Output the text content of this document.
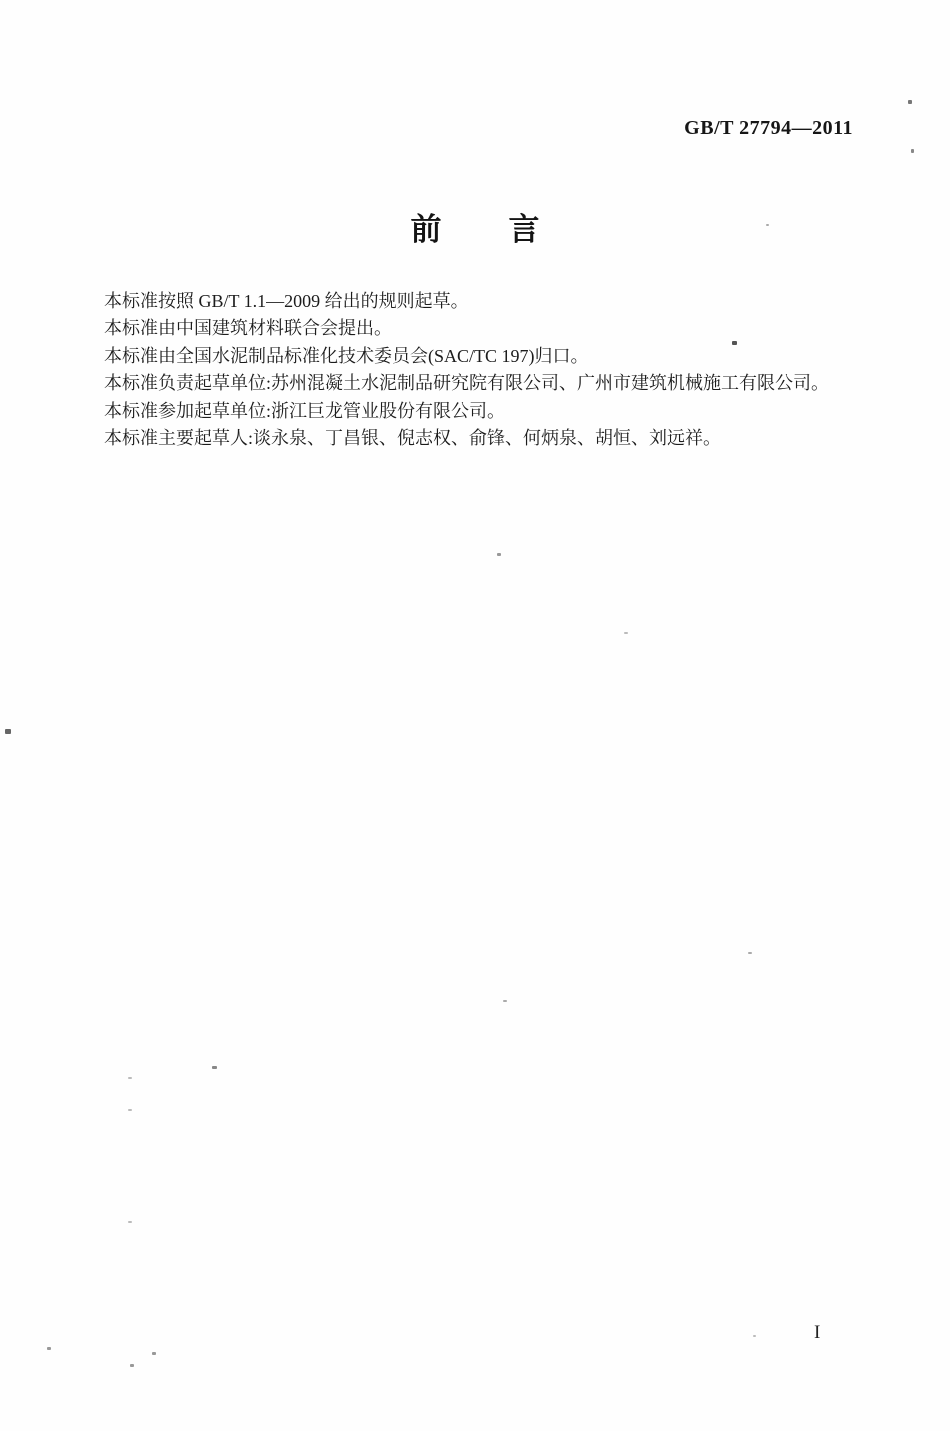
GB/T 27794—2011
前 言

本标准按照 GB/T 1.1—2009 给出的规则起草。

本标准由中国建筑材料联合会提出。

本标准由全国水泥制品标准化技术委员会(SAC/TC 197)归口。

本标准负责起草单位:苏州混凝土水泥制品研究院有限公司、广州市建筑机械施工有限公司。

本标准参加起草单位:浙江巨龙管业股份有限公司。

本标准主要起草人:谈永泉、丁昌银、倪志权、俞锋、何炳泉、胡恒、刘远祥。

I
